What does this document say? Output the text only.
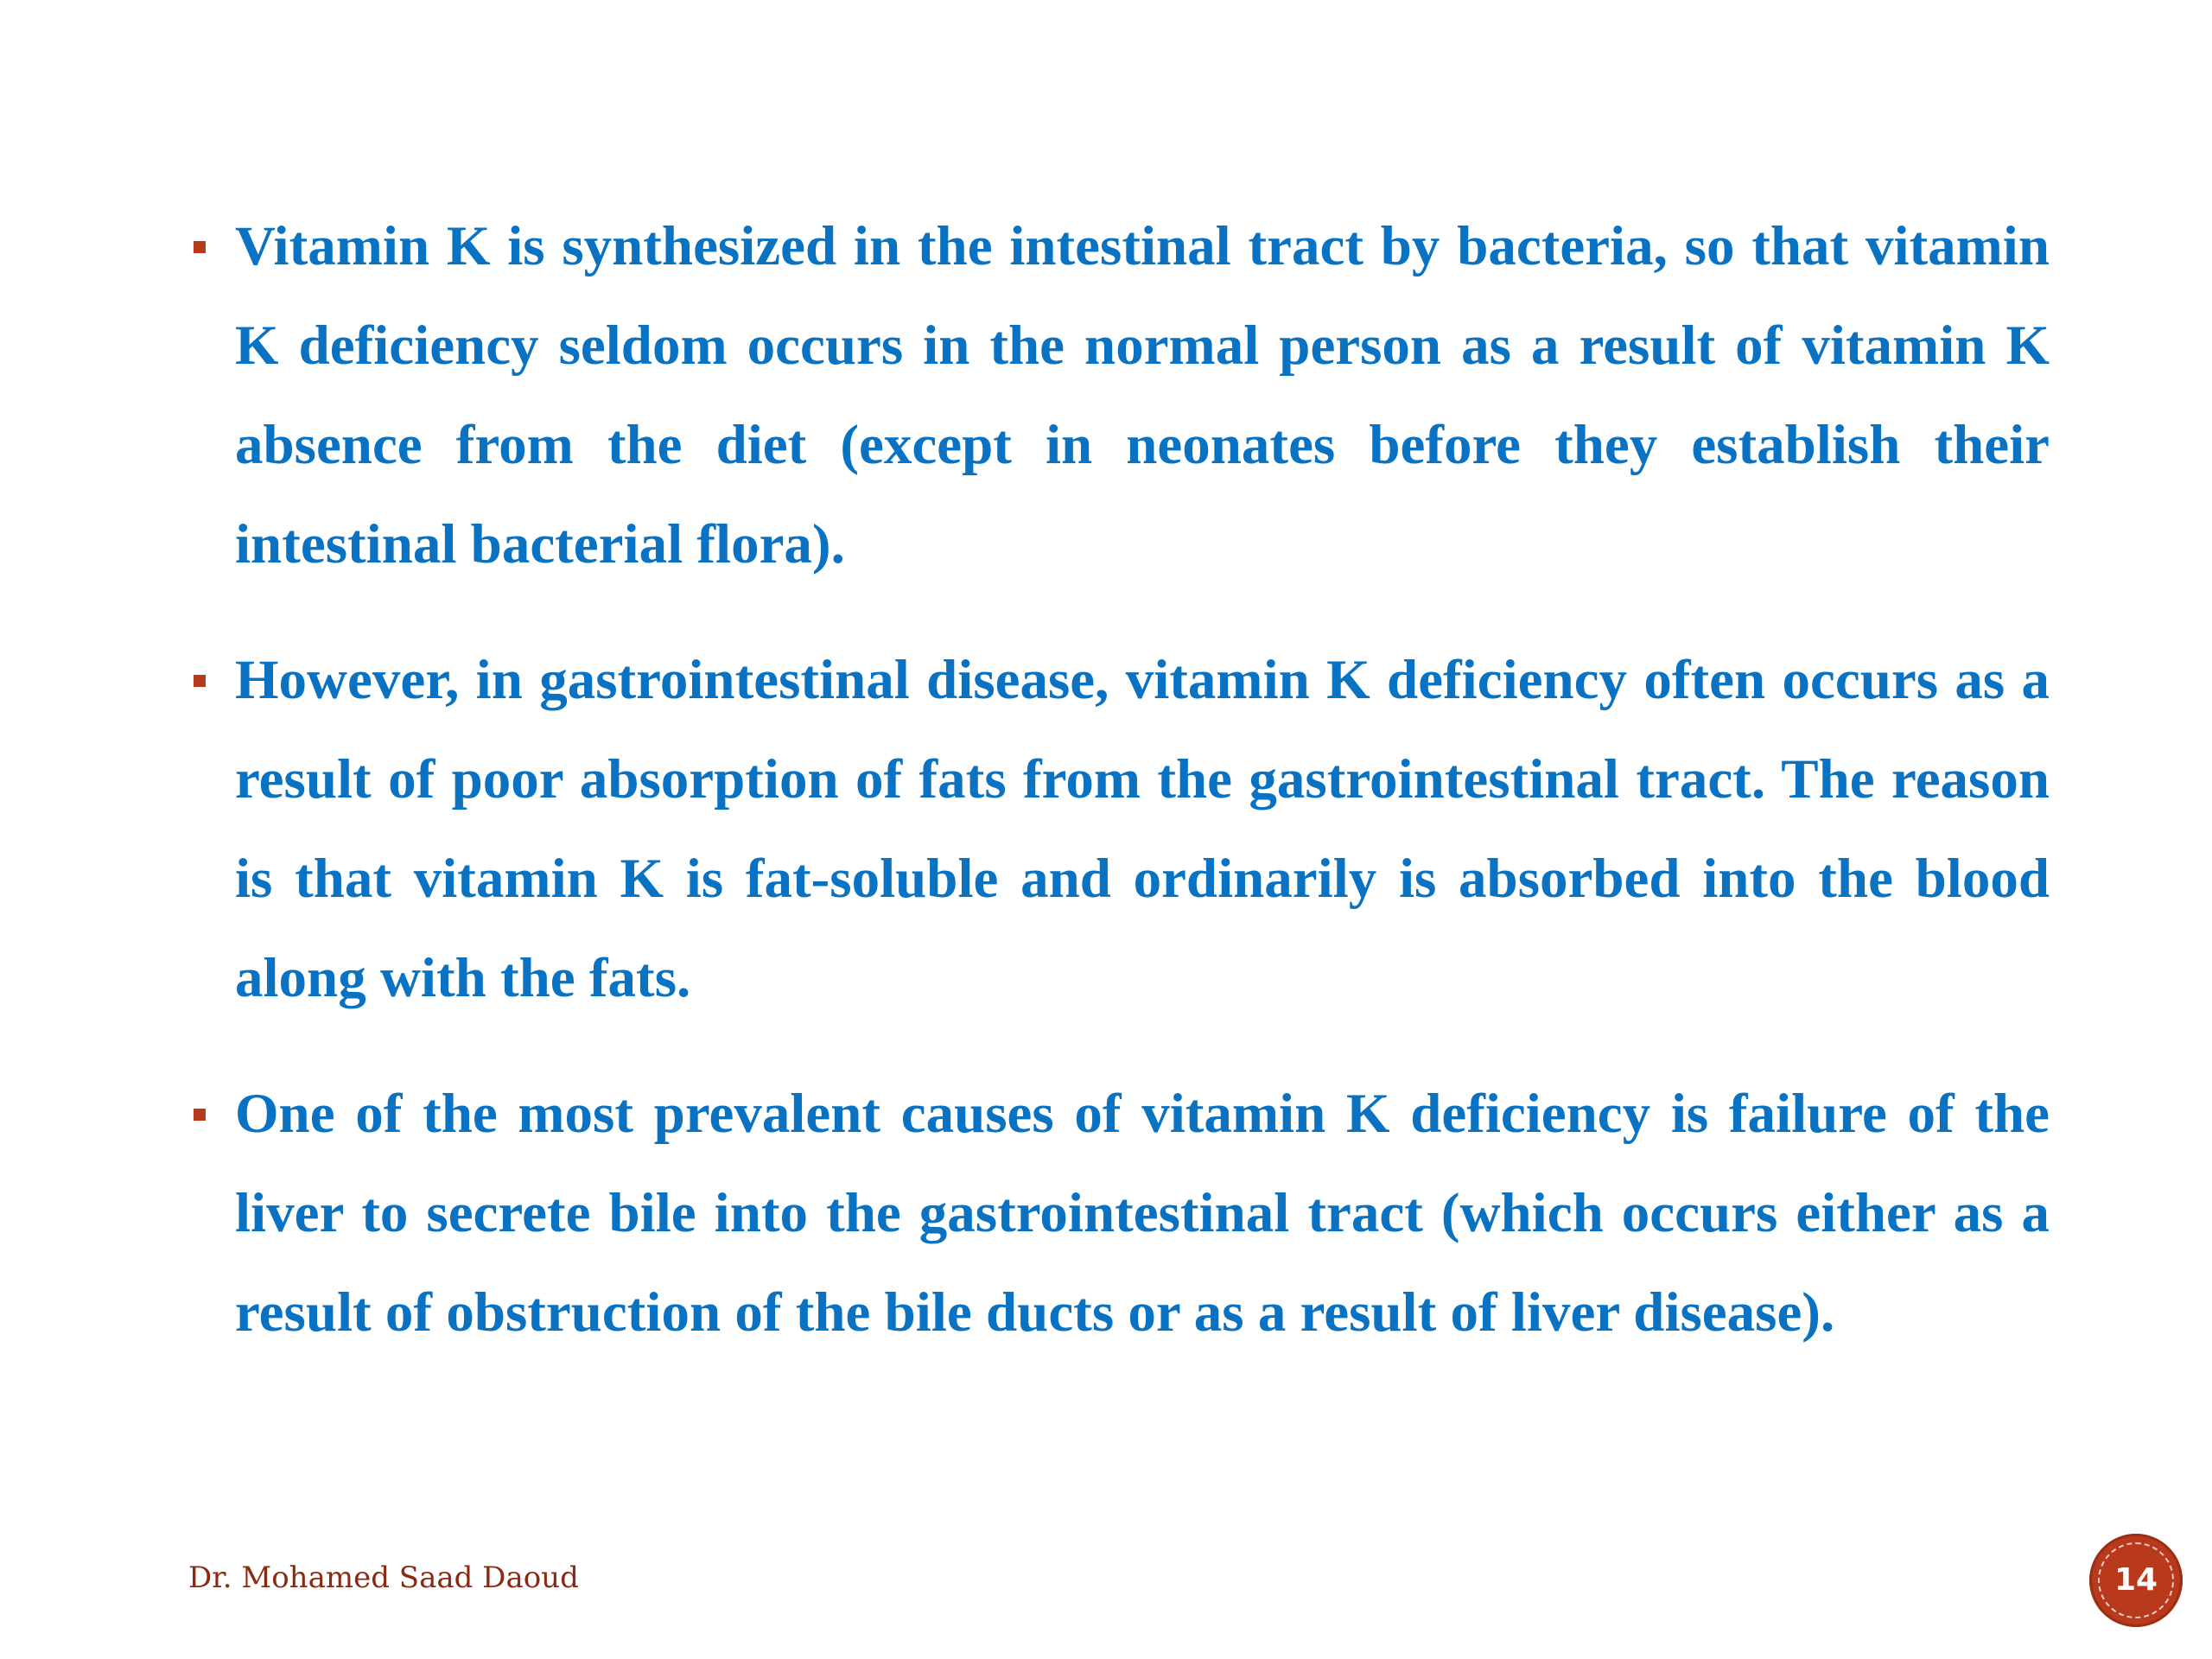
Vitamin K is synthesized in the intestinal tract by bacteria, so that vitamin K deficiency seldom occurs in the normal person as a result of vitamin K absence from the diet (except in neonates before they establish their intestinal bacterial flora).
However, in gastrointestinal disease, vitamin K deficiency often occurs as a result of poor absorption of fats from the gastrointestinal tract. The reason is that vitamin K is fat-soluble and ordinarily is absorbed into the blood along with the fats.
One of the most prevalent causes of vitamin K deficiency is failure of the liver to secrete bile into the gastrointestinal tract (which occurs either as a result of obstruction of the bile ducts or as a result of liver disease).
Dr. Mohamed Saad Daoud	14
